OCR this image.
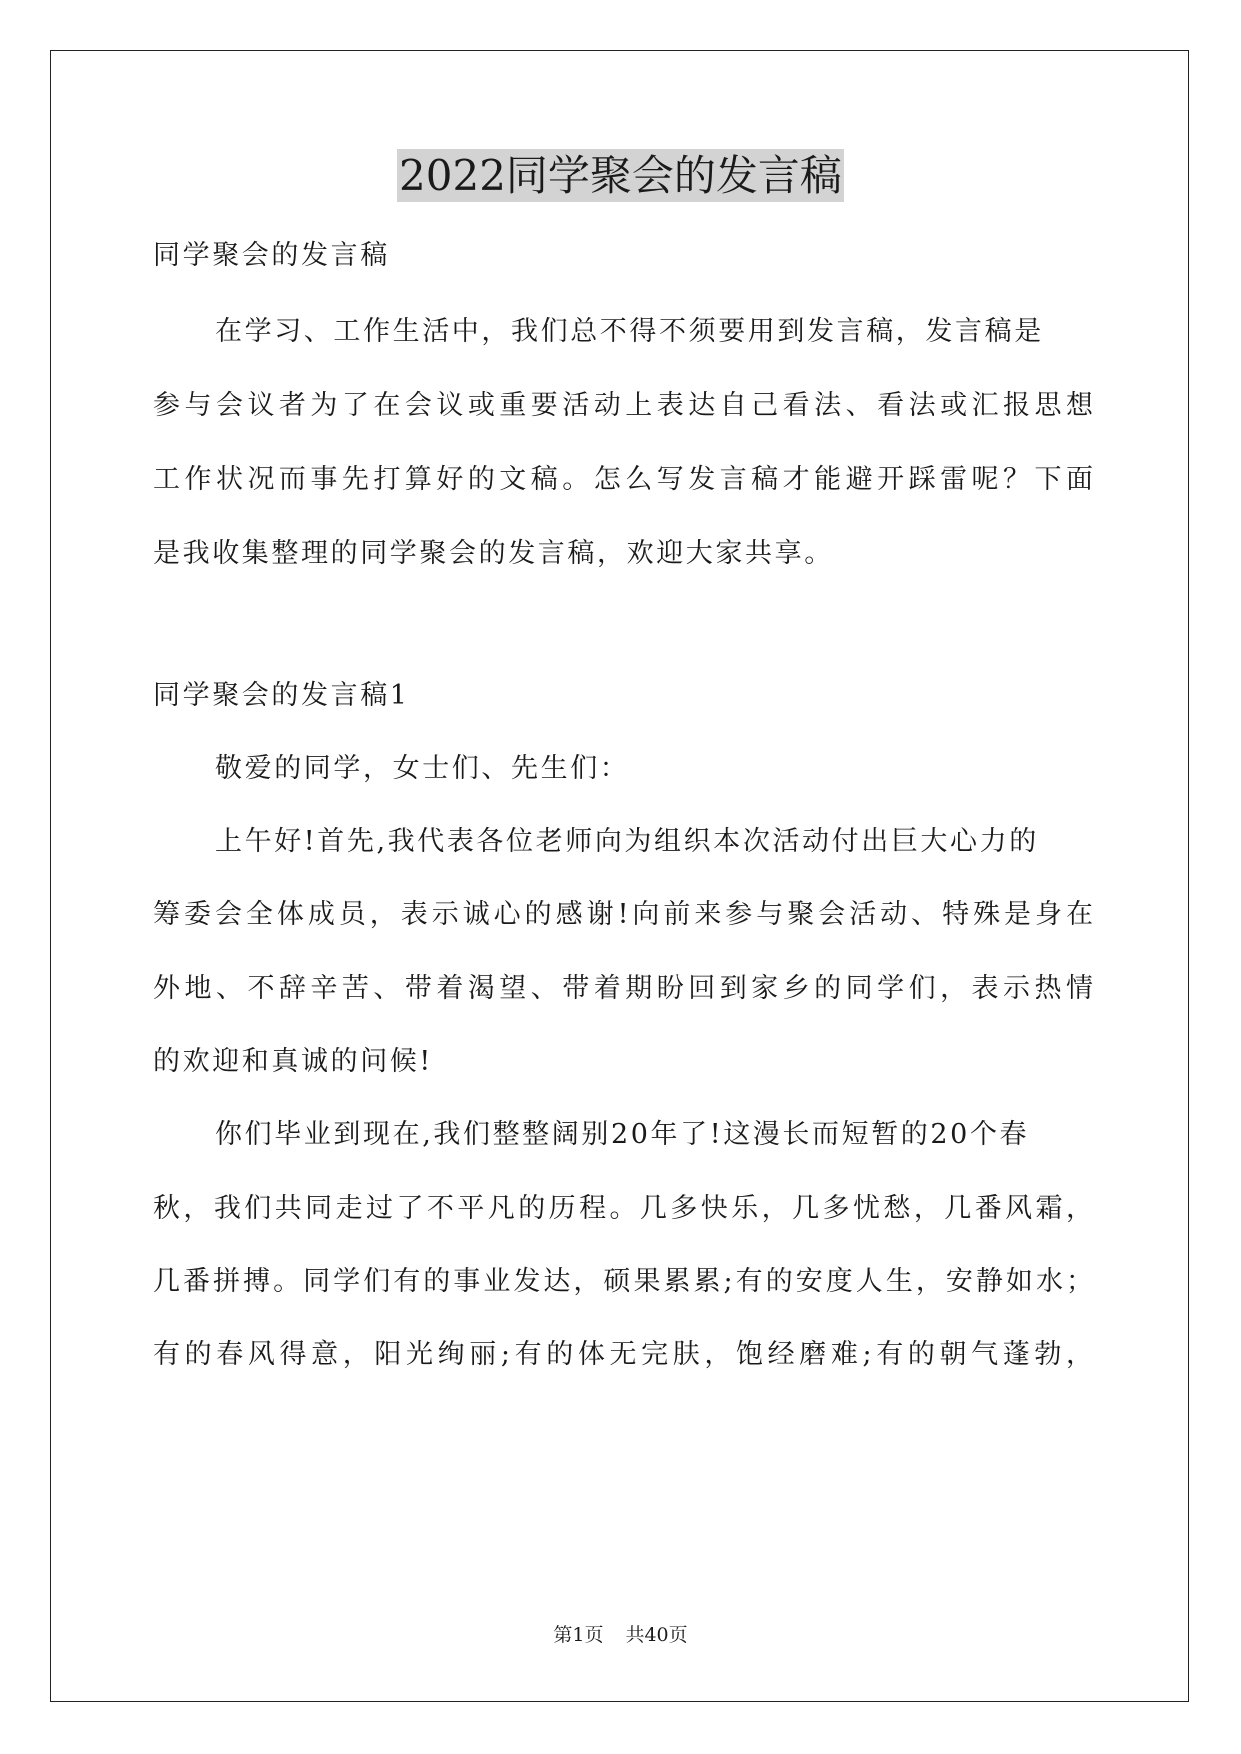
2022同学聚会的发言稿
同学聚会的发言稿
在学习、工作生活中，我们总不得不须要用到发言稿，发言稿是
参与会议者为了在会议或重要活动上表达自己看法、看法或汇报思想
工作状况而事先打算好的文稿。怎么写发言稿才能避开踩雷呢？下面
是我收集整理的同学聚会的发言稿，欢迎大家共享。
同学聚会的发言稿1
敬爱的同学，女士们、先生们：
上午好!首先,我代表各位老师向为组织本次活动付出巨大心力的
筹委会全体成员，表示诚心的感谢!向前来参与聚会活动、特殊是身在
外地、不辞辛苦、带着渴望、带着期盼回到家乡的同学们，表示热情
的欢迎和真诚的问候!
你们毕业到现在,我们整整阔别20年了!这漫长而短暂的20个春
秋，我们共同走过了不平凡的历程。几多快乐，几多忧愁，几番风霜，
几番拼搏。同学们有的事业发达，硕果累累;有的安度人生，安静如水；
有的春风得意，阳光绚丽;有的体无完肤，饱经磨难;有的朝气蓬勃，
第1页 共40页
